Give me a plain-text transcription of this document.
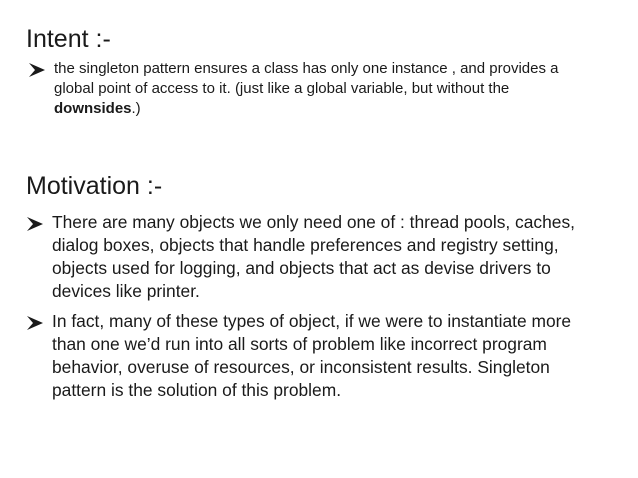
Intent :-
the singleton pattern ensures a class has only one instance , and provides a global point of access to it. (just like a global variable, but without the downsides.)
Motivation :-
There are many objects we only need one of : thread pools, caches, dialog boxes, objects that handle preferences and registry setting, objects used for logging, and objects that act as devise drivers to devices like printer.
In fact, many of these types of object, if we were to instantiate more than one we’d run into all sorts of problem like incorrect program behavior, overuse of resources, or inconsistent results. Singleton pattern is the solution of this problem.
